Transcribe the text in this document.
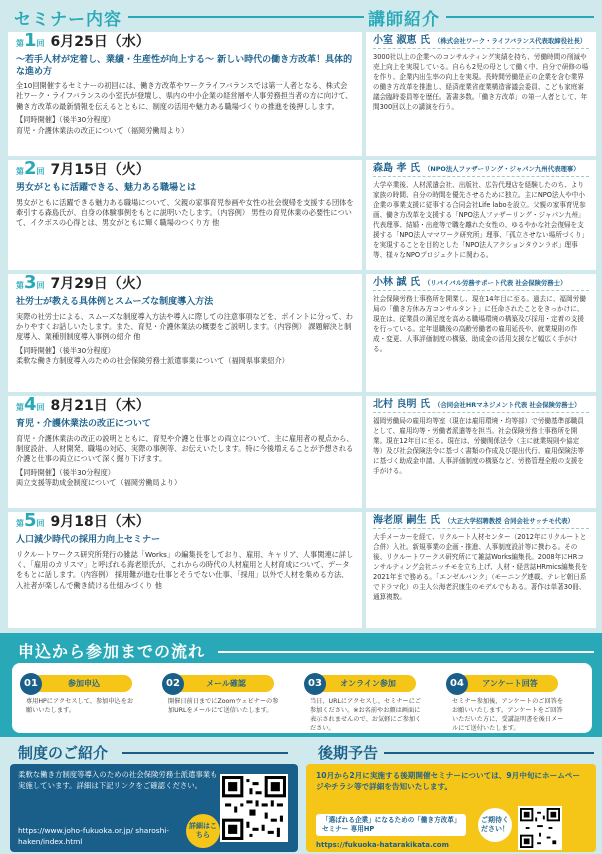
セミナー内容	講師紹介
第1回 6月25日（水）
～若手人材が定着し、業績・生産性が向上する～ 新しい時代の働き方改革！具体的な進め方
全10回開催するセミナーの初回には、働き方改革やワークライフバランスでは第一人者となる、株式会社ワーク・ライフバランスの小室氏が登壇し、県内の中小企業の経営層や人事労務担当者の方に向けて、働き方改革の最新情報を伝えるとともに、制度の活用や魅力ある職場づくりの推進を後押しします。
【同時開催】（後半30分程度）
育児・介護休業法の改正について（福岡労働局より）
小室 淑恵 氏 （株式会社ワーク・ライフバランス代表取締役社長）
3000社以上の企業へのコンサルティング実績を持ち、労働時間の削減や売上向上を実現している。自らも2児の母として働く中、自分で研修の場を作り、企業内出生率の向上を実現。長時間労働是正の企業を含む業界の働き方改革を推進し、経済産業省産業構造審議会委員、こども家庭審議会臨時委員等を歴任。著書多数。「働き方改革」の第一人者として、年間300回以上の講演を行う。
第2回 7月15日（火）
男女がともに活躍できる、魅力ある職場とは
男女がともに活躍できる魅力ある職場について、父親の家事育児参画や女性の社会復帰を支援する団体を牽引する森島氏が、自身の体験事例をもとに説明いたします。（内容例） 男性の育児休業の必要性について、イクボスの心得とは、男女がともに輝く職場のつくり方 他
森島 孝 氏 （NPO法人ファザーリング・ジャパン九州代表理事）
大学卒業後、人材派遣会社、出版社、広告代理店を経験したのち、より家族の時間、自分の時間を優先させるために独立。主にNPO法人や中小企業の事業支援に従事する合同会社Life laboを設立。父親の家事育児参画、働き方改革を支援する「NPO法人ファザーリング・ジャパン九州」代表理事、結婚・出産等で職を離れた女性の、ゆるやかな社会復帰を支援する「NPO法人ママワーク研究所」理事、「孤立させない場所づくり」を実現することを目的とした「NPO法人アクションタウンラボ」理事等、様々なNPOプロジェクトに関わる。
第3回 7月29日（火）
社労士が教える具体例とスムーズな制度導入方法
実際の社労士による、スムーズな制度導入方法や導入に際しての注意事項などを、ポイントに分って、わかりやすくお話しいたします。また、育児・介護休業法の概要をご説明します。（内容例） 課題解決と制度導入、業種別制度導入事例の紹介 他
【同時開催】（後半30分程度）
柔軟な働き方制度導入のための社会保険労務士派遣事業について（福岡県事業紹介）
小林 誠 氏 （リバイバル労務サポート代表 社会保険労務士）
社会保険労務士事務所を開業し、現在14年目に至る。過去に、福岡労働局の「働き方休み方コンサルタント」に任命されたことをきっかけに、現在は、従業員の満足度を高める職場環境の構築及び採用・定着の支援を行っている。定年退職後の高齢労働者の雇用延長や、就業規則の作成・変更、人事評価制度の構築、助成金の活用支援など幅広く手がける。
第4回 8月21日（木）
育児・介護休業法の改正について
育児・介護休業法の改正の説明とともに、育児や介護と仕事との両立について、主に雇用者の視点から、制度設計、人材開発、職場の対応、実際の事例等、お伝えいたします。特に今後増えることが予想される介護と仕事の両立について深く掘り下げます。
【同時開催】（後半30分程度）
両立支援等助成金制度について（福岡労働局より）
北村 良明 氏 （合同会社HRマネジメント代表 社会保険労務士）
福岡労働局の雇用均等室（現在は雇用環境・均等部）で労働基準部職員として、雇用均等・労働者派遣等を担当。社会保険労務士事務所を開業。現在12年目に至る。現在は、労働関係法令（主に就業規則や協定等）及び社会保険法令に基づく書類の作成及び提出代行、雇用保険法等に基づく助成金申請、人事評価制度の構築など、労務管理全般の支援を手がける。
第5回 9月18日（木）
人口減少時代の採用力向上セミナー
リクルートワークス研究所発行の雑誌「Works」の編集長をしており、雇用、キャリア、人事関連に詳しく、「雇用のカリスマ」と呼ばれる海老原氏が、これからの時代の人材雇用と人材育成について、データをもとに話します。（内容例） 採用難が進む仕事とそうでない仕事、「採用」以外で人材を集める方法、入社者が楽しんで働き続ける仕組みづくり 他
海老原 嗣生 氏 （大正大学招聘教授 合同会社サッチモ代表）
大手メーカーを経て、リクルート人材センター（2012年にリクルートと合併）入社。新規事業の企画・推進、人事制度設計等に携わる。その後、リクルートワークス研究所にて雑誌Works編集長。2008年にHRコンサルティング会社ニッチモを立ち上げ、人材・経営誌HRmics編集長を2021年まで務める。「エンゼルバンク」（モーニング連載、テレビ朝日系でドラマ化）の主人公海老沢康生のモデルでもある。著作は単著30冊、通算複数。
申込から参加までの流れ
参加申込
01
専用HPにアクセスして、参加申込をお願いいたします。
メール確認
02
開催日前日までにZoomウェビナーの参加URLをメールにて送信いたします。
オンライン参加
03
当日、URLにアクセスし、セミナーにご参加ください。※お名前やお顔は画面に表示されませんので、お気軽にご参加ください。
アンケート回答
04
セミナー参加後、アンケートのご回答をお願いいたします。アンケートをご回答いただいた方に、受講証明書を後日メールにて送付いたします。
制度のご紹介
柔軟な働き方制度等導入のための社会保険労務士派遣事業も実施しています。詳細は下記リンクをご確認ください。
https://www.joho-fukuoka.or.jp/ sharoshi-haken/index.html
詳細はこちら
後期予告
10月から2月に実施する後期開催セミナーについては、9月中旬にホームページやチラシ等で詳細を告知いたします。
「選ばれる企業」になるための「働き方改革」セミナー 専用HP
https://fukuoka-hatarakikata.com
ご期待ください！
